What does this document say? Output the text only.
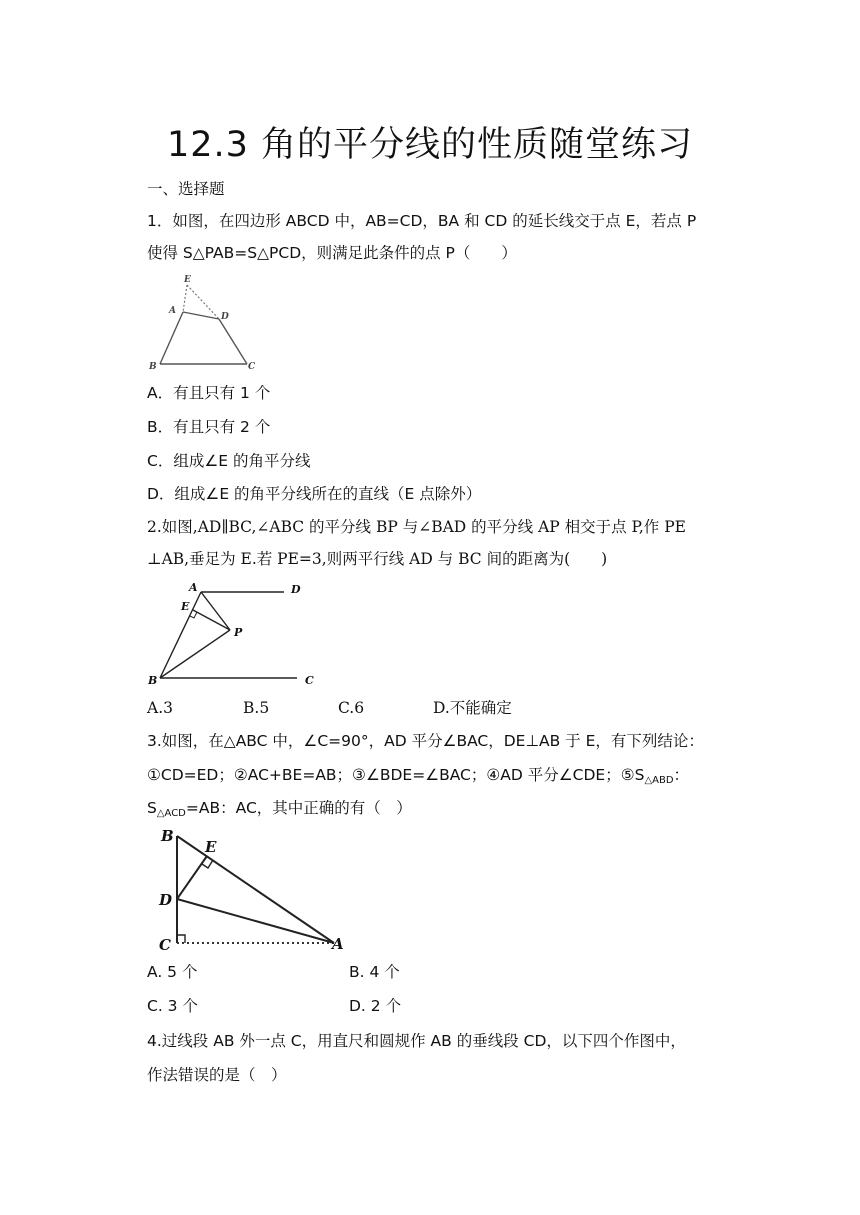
12.3 角的平分线的性质随堂练习
一、选择题
1．如图，在四边形 ABCD 中，AB=CD，BA 和 CD 的延长线交于点 E，若点 P
使得 S△PAB=S△PCD，则满足此条件的点 P（　　）
E
A
D
B	C
A．有且只有 1 个
B．有且只有 2 个
C．组成∠E 的角平分线
D．组成∠E 的角平分线所在的直线（E 点除外）
2.如图,AD∥BC,∠ABC 的平分线 BP 与∠BAD 的平分线 AP 相交于点 P,作 PE
⊥AB,垂足为 E.若 PE=3,则两平行线 AD 与 BC 间的距离为(　　)
A	D
E
P
B	C
A.3	B.5	C.6	D.不能确定
3.如图，在△ABC 中，∠C=90°，AD 平分∠BAC，DE⊥AB 于 E，有下列结论：
①CD=ED；②AC+BE=AB；③∠BDE=∠BAC；④AD 平分∠CDE；$⑤S_{\triangle ABD}$：
$S_{\triangle ACD}=AB$：AC，其中正确的有（　）
B
E
D
C	A
A. 5 个	B. 4 个
C. 3 个	D. 2 个
4.过线段 AB 外一点 C，用直尺和圆规作 AB 的垂线段 CD，以下四个作图中，
作法错误的是（　）
